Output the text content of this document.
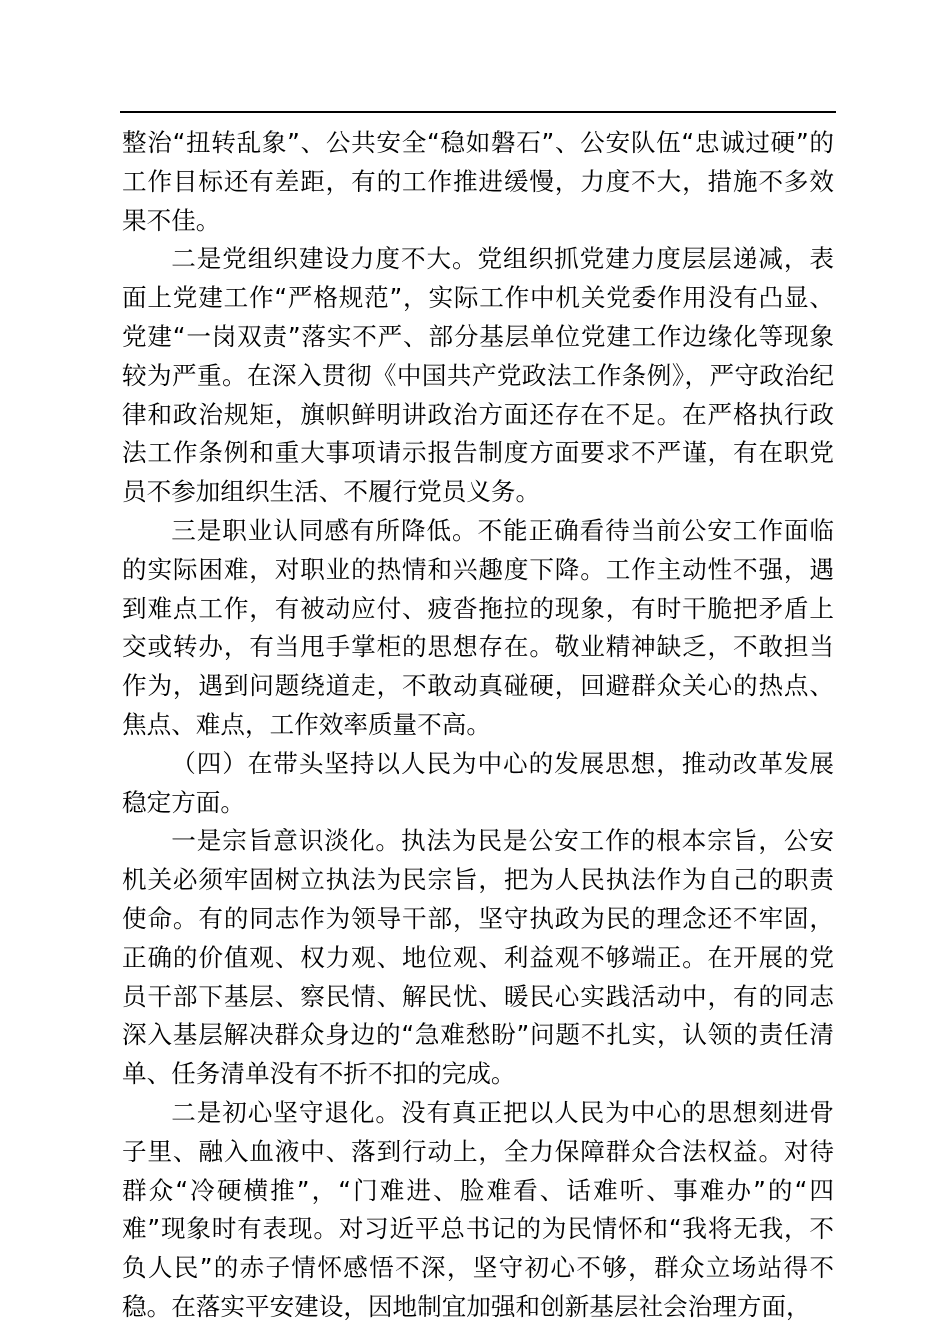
整治“扭转乱象”、公共安全“稳如磐石”、公安队伍“忠诚过硬”的工作目标还有差距，有的工作推进缓慢，力度不大，措施不多效果不佳。

二是党组织建设力度不大。党组织抓党建力度层层递减，表面上党建工作“严格规范”，实际工作中机关党委作用没有凸显、党建“一岗双责”落实不严、部分基层单位党建工作边缘化等现象较为严重。在深入贯彻《中国共产党政法工作条例》，严守政治纪律和政治规矩，旗帜鲜明讲政治方面还存在不足。在严格执行政法工作条例和重大事项请示报告制度方面要求不严谨，有在职党员不参加组织生活、不履行党员义务。

三是职业认同感有所降低。不能正确看待当前公安工作面临的实际困难，对职业的热情和兴趣度下降。工作主动性不强，遇到难点工作，有被动应付、疲沓拖拉的现象，有时干脆把矛盾上交或转办，有当甩手掌柜的思想存在。敬业精神缺乏，不敢担当作为，遇到问题绕道走，不敢动真碰硬，回避群众关心的热点、焦点、难点，工作效率质量不高。

（四）在带头坚持以人民为中心的发展思想，推动改革发展稳定方面。

一是宗旨意识淡化。执法为民是公安工作的根本宗旨，公安机关必须牢固树立执法为民宗旨，把为人民执法作为自己的职责使命。有的同志作为领导干部，坚守执政为民的理念还不牢固，正确的价值观、权力观、地位观、利益观不够端正。在开展的党员干部下基层、察民情、解民忧、暖民心实践活动中，有的同志深入基层解决群众身边的“急难愁盼”问题不扎实，认领的责任清单、任务清单没有不折不扣的完成。

二是初心坚守退化。没有真正把以人民为中心的思想刻进骨子里、融入血液中、落到行动上，全力保障群众合法权益。对待群众“冷硬横推”，“门难进、脸难看、话难听、事难办”的“四难”现象时有表现。对习近平总书记的为民情怀和“我将无我，不负人民”的赤子情怀感悟不深，坚守初心不够，群众立场站得不稳。在落实平安建设，因地制宜加强和创新基层社会治理方面，
